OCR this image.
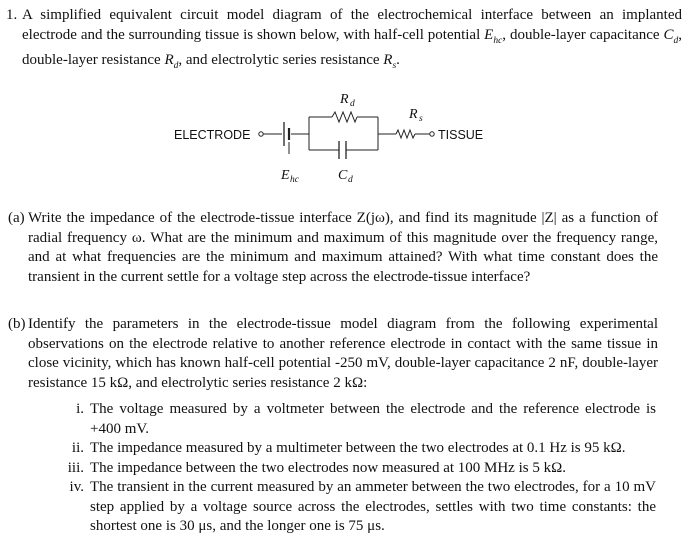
1. A simplified equivalent circuit model diagram of the electrochemical interface between an implanted electrode and the surrounding tissue is shown below, with half-cell potential $E_{hc}$, double-layer capacitance $C_d$, double-layer resistance $R_d$, and electrolytic series resistance $R_s$.
ELECTRODE	TISSUE
R d
R s
E hc	C d
(a) Write the impedance of the electrode-tissue interface Z(jω), and find its magnitude |Z| as a function of radial frequency ω. What are the minimum and maximum of this magnitude over the frequency range, and at what frequencies are the minimum and maximum attained? With what time constant does the transient in the current settle for a voltage step across the electrode-tissue interface?
(b) Identify the parameters in the electrode-tissue model diagram from the following experimental observations on the electrode relative to another reference electrode in contact with the same tissue in close vicinity, which has known half-cell potential -250 mV, double-layer capacitance 2 nF, double-layer resistance 15 kΩ, and electrolytic series resistance 2 kΩ:
i. The voltage measured by a voltmeter between the electrode and the reference electrode is +400 mV.
ii. The impedance measured by a multimeter between the two electrodes at 0.1 Hz is 95 kΩ.
iii. The impedance between the two electrodes now measured at 100 MHz is 5 kΩ.
iv. The transient in the current measured by an ammeter between the two electrodes, for a 10 mV step applied by a voltage source across the electrodes, settles with two time constants: the shortest one is 30 μs, and the longer one is 75 μs.
